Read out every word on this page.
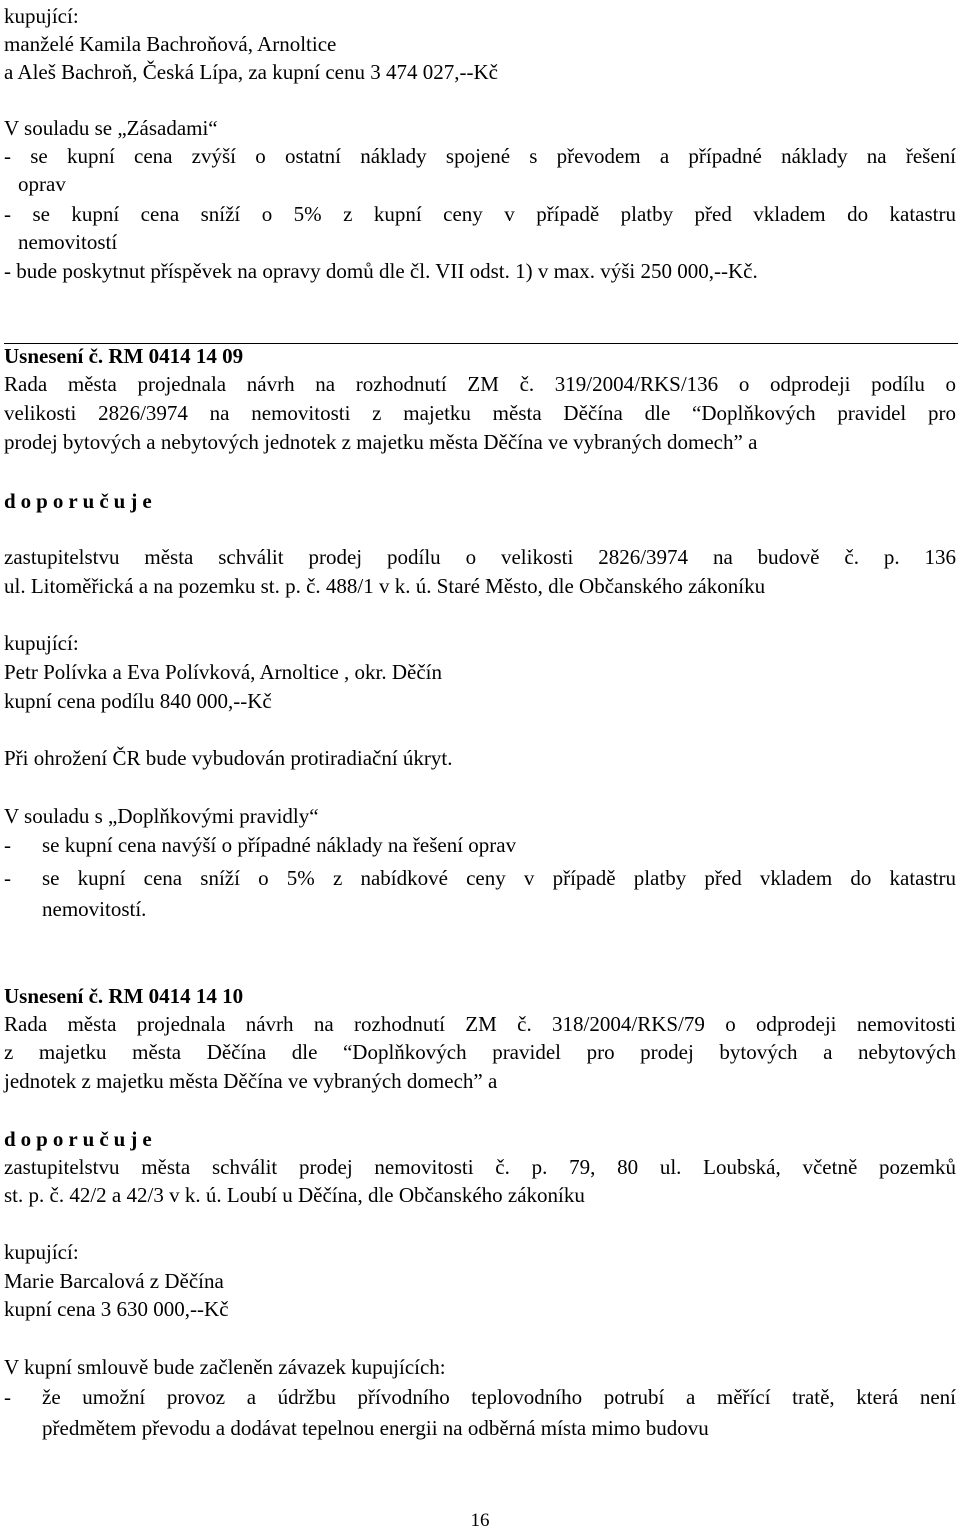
kupující:
manželé Kamila Bachroňová, Arnoltice
a Aleš Bachroň, Česká Lípa, za kupní cenu 3 474 027,--Kč
V souladu se „Zásadami“
- se kupní cena zvýší o ostatní náklady spojené s převodem a případné náklady na řešení
oprav
- se kupní cena sníží o 5% z kupní ceny v případě platby před vkladem do katastru
nemovitostí
- bude poskytnut příspěvek na opravy domů dle čl. VII odst. 1) v max. výši 250 000,--Kč.
Usnesení č. RM 0414 14 09
Rada města projednala návrh na rozhodnutí ZM č. 319/2004/RKS/136 o odprodeji podílu o
velikosti 2826/3974 na nemovitosti z majetku města Děčína dle “Doplňkových pravidel pro
prodej bytových a nebytových jednotek z majetku města Děčína ve vybraných domech” a
doporučuje
zastupitelstvu města schválit prodej podílu o velikosti 2826/3974 na budově č. p. 136
ul. Litoměřická a na pozemku st. p. č. 488/1 v k. ú. Staré Město, dle Občanského zákoníku
kupující:
Petr Polívka a Eva Polívková, Arnoltice , okr. Děčín
kupní cena podílu 840 000,--Kč
Při ohrožení ČR bude vybudován protiradiační úkryt.
V souladu s „Doplňkovými pravidly“
- se kupní cena navýší o případné náklady na řešení oprav
- se kupní cena sníží o 5% z nabídkové ceny v případě platby před vkladem do katastru
nemovitostí.
Usnesení č. RM 0414 14 10
Rada města projednala návrh na rozhodnutí ZM č. 318/2004/RKS/79 o odprodeji nemovitosti
z majetku města Děčína dle “Doplňkových pravidel pro prodej bytových a nebytových
jednotek z majetku města Děčína ve vybraných domech” a
doporučuje
zastupitelstvu města schválit prodej nemovitosti č. p. 79, 80 ul. Loubská, včetně pozemků
st. p. č. 42/2 a 42/3 v k. ú. Loubí u Děčína, dle Občanského zákoníku
kupující:
Marie Barcalová z Děčína
kupní cena 3 630 000,--Kč
V kupní smlouvě bude začleněn závazek kupujících:
- že umožní provoz a údržbu přívodního teplovodního potrubí a měřící tratě, která není
předmětem převodu a dodávat tepelnou energii na odběrná místa mimo budovu
16
